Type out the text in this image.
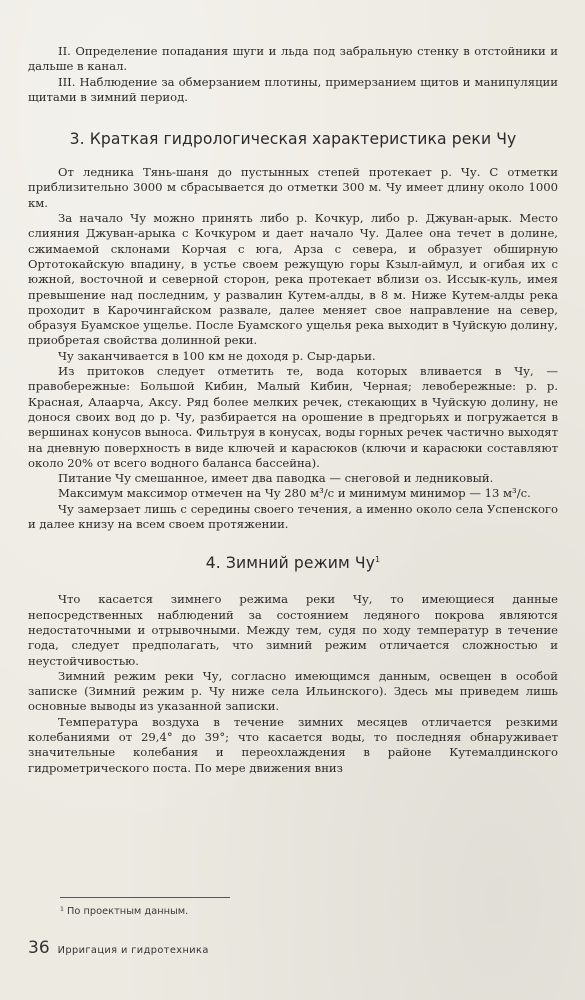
II. Определение попадания шуги и льда под забральную стенку в отстойники и дальше в канал.

III. Наблюдение за обмерзанием плотины, примерзанием щитов и манипуляции щитами в зимний период.

3. Краткая гидрологическая характеристика реки Чу

От ледника Тянь-шаня до пустынных степей протекает р. Чу. С отметки приблизительно 3000 м сбрасывается до отметки 300 м. Чу имеет длину около 1000 км.

За начало Чу можно принять либо р. Кочкур, либо р. Джуван-арык. Место слияния Джуван-арыка с Кочкуром и дает начало Чу. Далее она течет в долине, сжимаемой склонами Корчая с юга, Арза с севера, и образует обширную Ортотокайскую впадину, в устье своем режущую горы Кзыл-аймул, и огибая их с южной, восточной и северной сторон, река протекает вблизи оз. Иссык-куль, имея превышение над последним, у развалин Кутем-алды, в 8 м. Ниже Кутем-алды река проходит в Карочингайском развале, далее меняет свое направление на север, образуя Буамское ущелье. После Буамского ущелья река выходит в Чуйскую долину, приобретая свойства долинной реки.

Чу заканчивается в 100 км не доходя р. Сыр-дарьи.

Из притоков следует отметить те, вода которых вливается в Чу, — правобережные: Большой Кибин, Малый Кибин, Черная; левобережные: р. р. Красная, Алаарча, Аксу. Ряд более мелких речек, стекающих в Чуйскую долину, не донося своих вод до р. Чу, разбирается на орошение в предгорьях и погружается в вершинах конусов выноса. Фильтруя в конусах, воды горных речек частично выходят на дневную поверхность в виде ключей и карасюков (ключи и карасюки составляют около 20% от всего водного баланса бассейна).

Питание Чу смешанное, имеет два паводка — снеговой и ледниковый.

Максимум максимор отмечен на Чу 280 м³/с и минимум минимор — 13 м³/с.

Чу замерзает лишь с середины своего течения, а именно около села Успенского и далее книзу на всем своем протяжении.

4. Зимний режим $Чу^1$

Что касается зимнего режима реки Чу, то имеющиеся данные непосредственных наблюдений за состоянием ледяного покрова являются недостаточными и отрывочными. Между тем, судя по ходу температур в течение года, следует предполагать, что зимний режим отличается сложностью и неустойчивостью.

Зимний режим реки Чу, согласно имеющимся данным, освещен в особой записке (Зимний режим р. Чу ниже села Ильинского). Здесь мы приведем лишь основные выводы из указанной записки.

Температура воздуха в течение зимних месяцев отличается резкими колебаниями от 29,4° до 39°; что касается воды, то последняя обнаруживает значительные колебания и переохлаждения в районе Кутемалдинского гидрометрического поста. По мере движения вниз

¹ По проектным данным.
36 Ирригация и гидротехника
